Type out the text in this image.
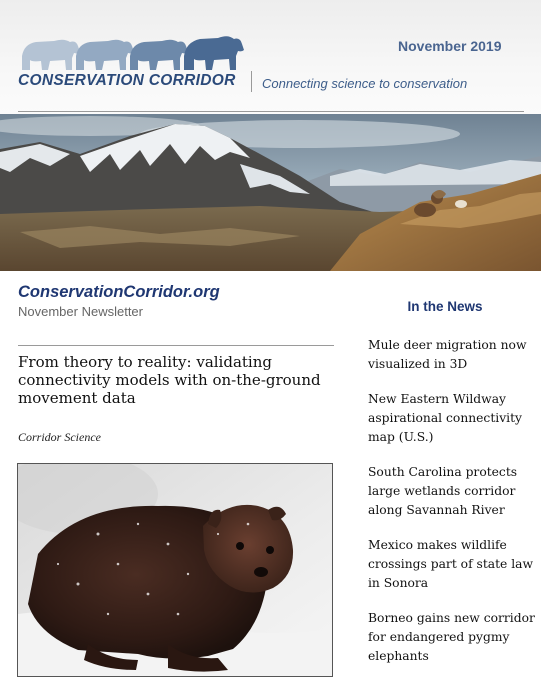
CONSERVATION CORRIDOR Connecting science to conservation
November 2019
ConservationCorridor.org
November Newsletter
From theory to reality: validating connectivity models with on-the-ground movement data
Corridor Science
In the News
Mule deer migration now visualized in 3D
New Eastern Wildway aspirational connectivity map (U.S.)
South Carolina protects large wetlands corridor along Savannah River
Mexico makes wildlife crossings part of state law in Sonora
Borneo gains new corridor for endangered pygmy elephants
